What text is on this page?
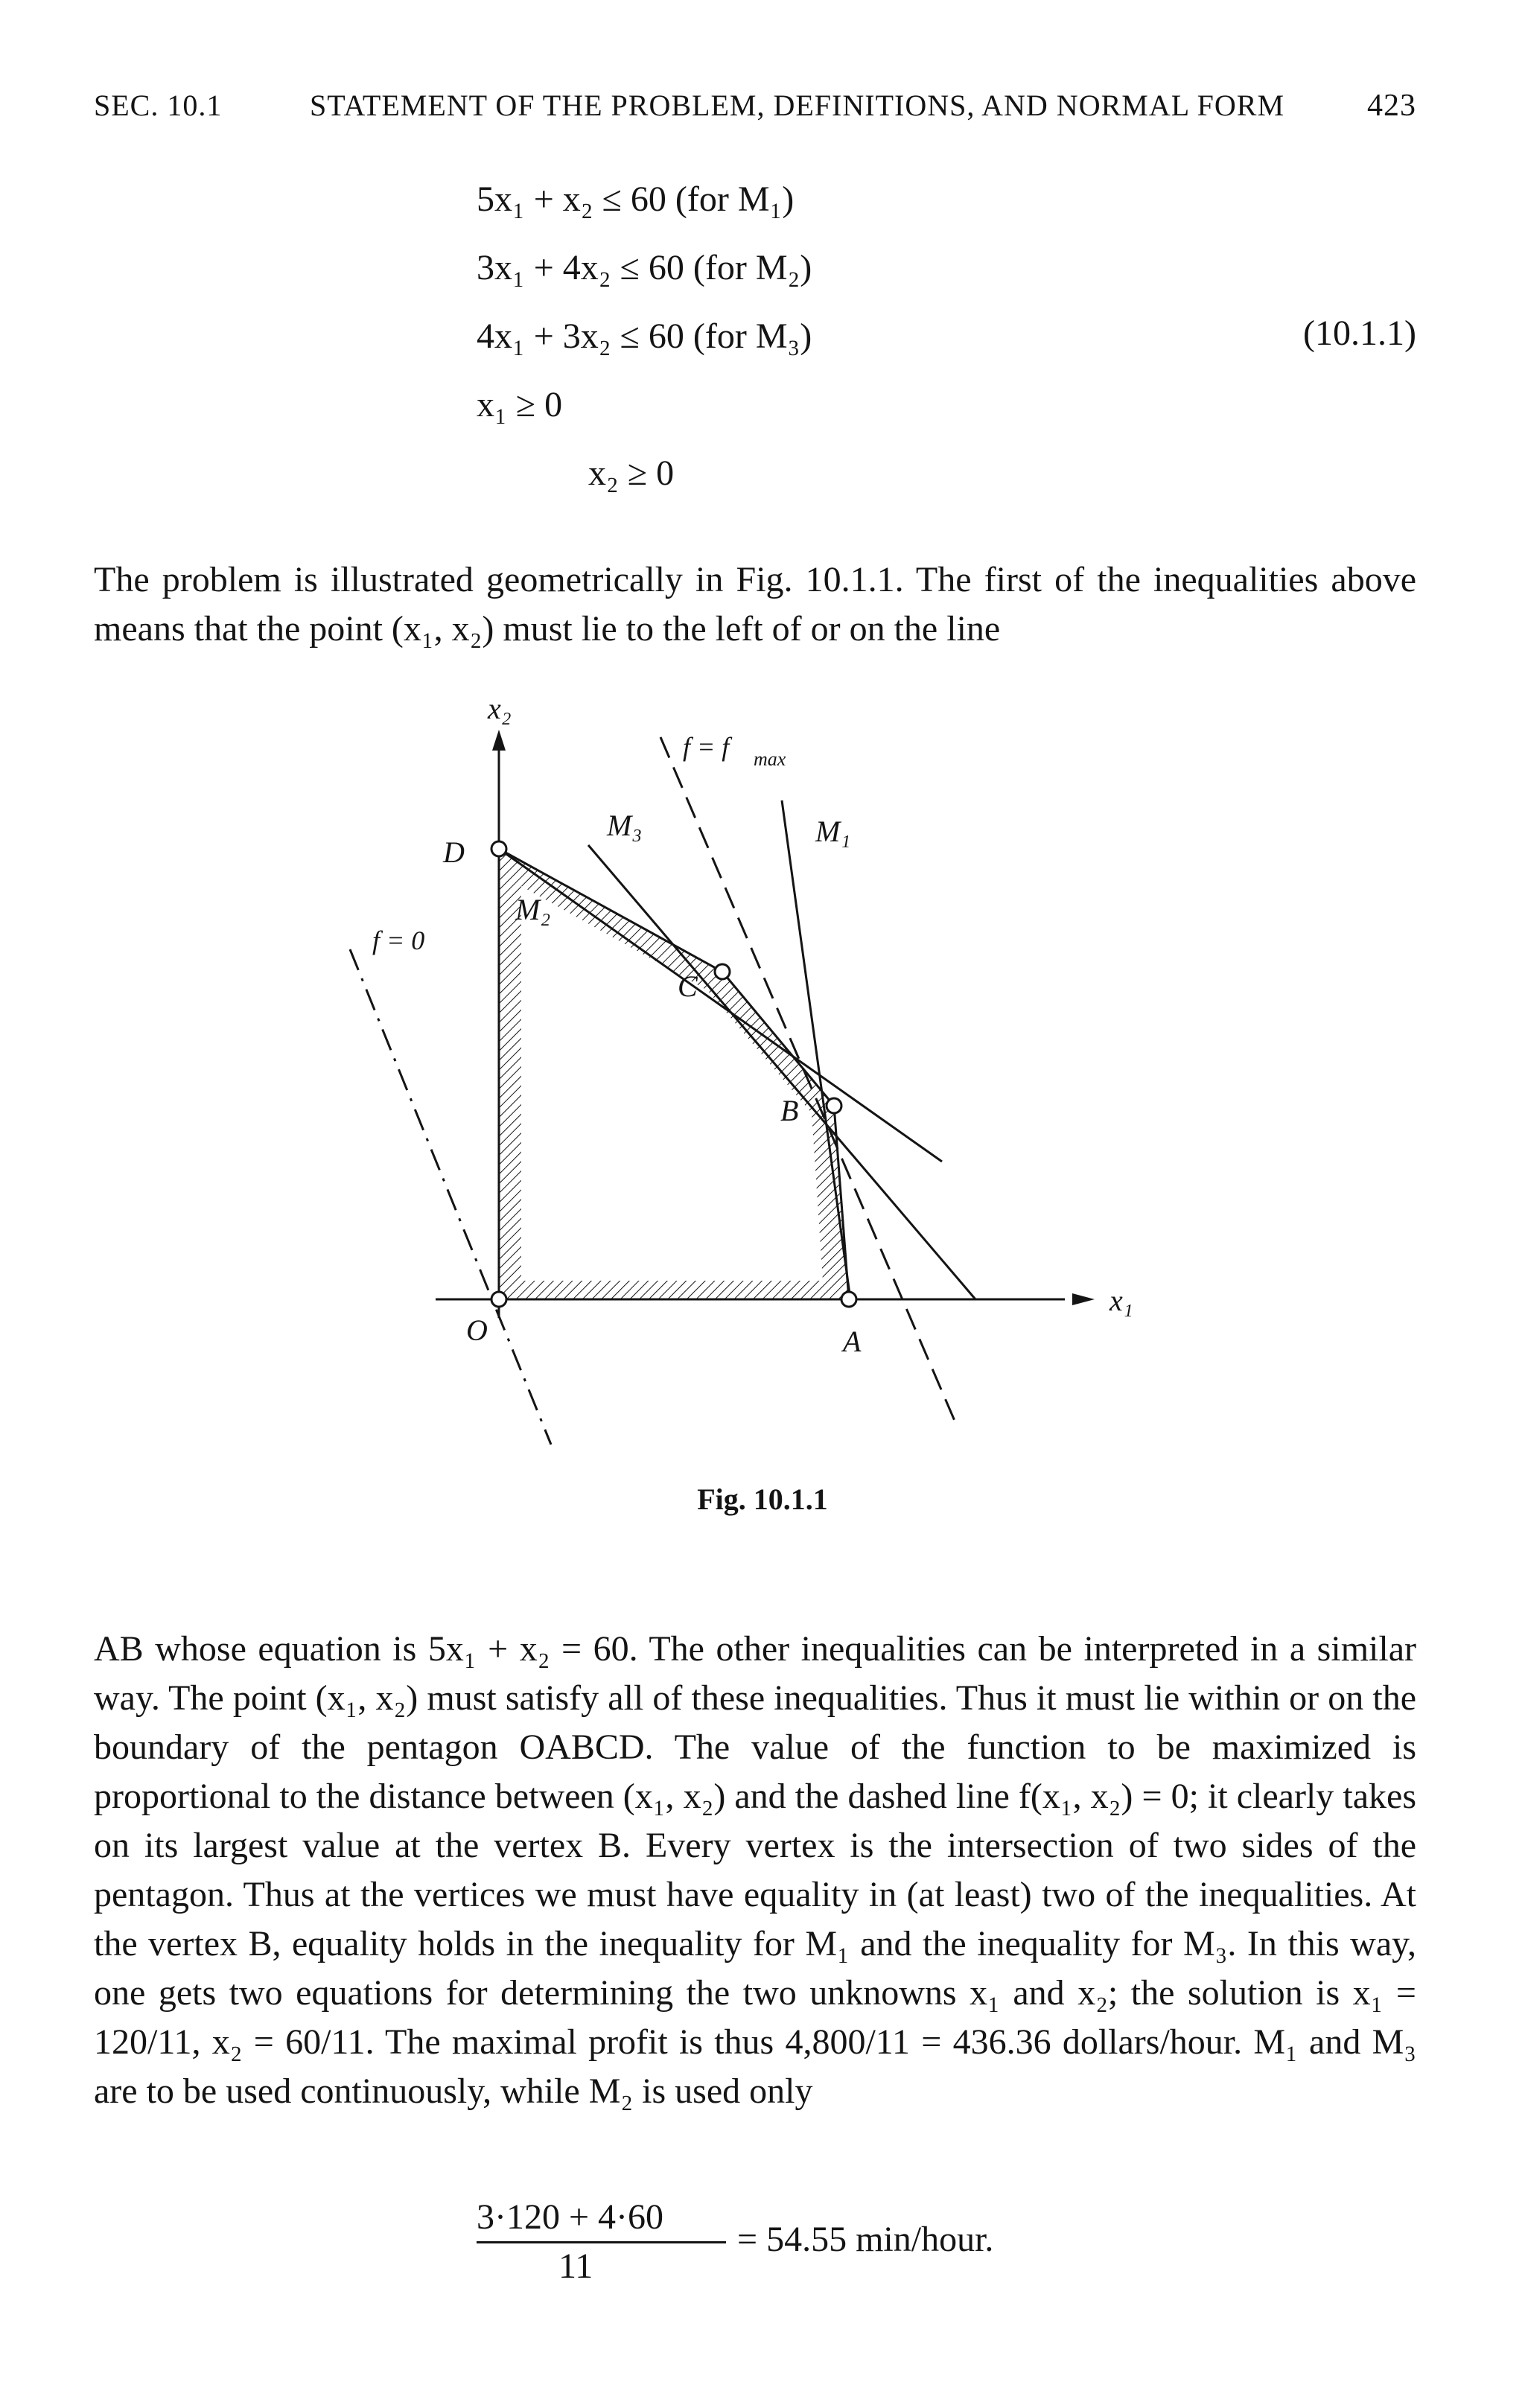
SEC. 10.1	STATEMENT OF THE PROBLEM, DEFINITIONS, AND NORMAL FORM	423
5x₁ + x₂ ≤ 60 (for M₁)
3x₁ + 4x₂ ≤ 60 (for M₂)
4x₁ + 3x₂ ≤ 60 (for M₃)
x₁ ≥ 0
x₂ ≥ 0
(10.1.1)

The problem is illustrated geometrically in Fig. 10.1.1. The first of the inequalities above means that the point (x₁, x₂) must lie to the left of or on the line

x₂
x₁
f = f max
f = 0
M₁
M₂
M₃
O	A
B
C
D
Fig. 10.1.1

AB whose equation is 5x₁ + x₂ = 60. The other inequalities can be interpreted in a similar way. The point (x₁, x₂) must satisfy all of these inequalities. Thus it must lie within or on the boundary of the pentagon OABCD. The value of the function to be maximized is proportional to the distance between (x₁, x₂) and the dashed line f(x₁, x₂) = 0; it clearly takes on its largest value at the vertex B. Every vertex is the intersection of two sides of the pentagon. Thus at the vertices we must have equality in (at least) two of the inequalities. At the vertex B, equality holds in the inequality for M₁ and the inequality for M₃. In this way, one gets two equations for determining the two unknowns x₁ and x₂; the solution is x₁ = 120/11, x₂ = 60/11. The maximal profit is thus 4,800/11 = 436.36 dollars/hour. M₁ and M₃ are to be used continuously, while M₂ is used only

3·120 + 4·60
11
= 54.55 min/hour.
